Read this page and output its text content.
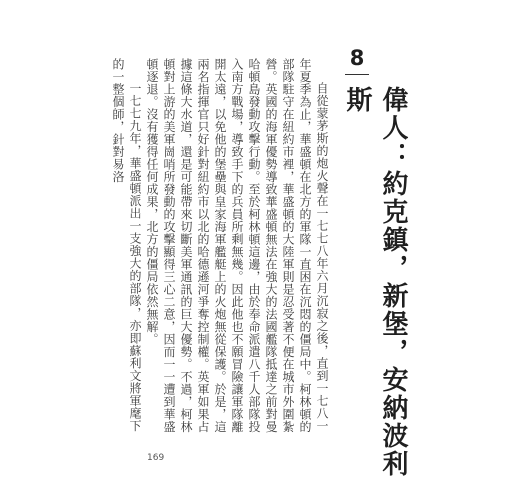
8
偉人：約克鎮，新堡，安納波利斯

自從蒙茅斯的炮火聲在一七七八年六月沉寂之後，直到一七八一年夏季為止，華盛頓在北方的軍隊一直困在沉悶的僵局中。柯林頓的部隊駐守在紐約市裡，華盛頓的大陸軍則是忍受著不便在城市外圍紮營。英國的海軍優勢導致華盛頓無法在強大的法國艦隊抵達之前對曼哈頓島發動攻擊行動。至於柯林頓這邊，由於奉命派遣八千人部隊投入南方戰場，導致手下的兵員所剩無幾。因此他也不願冒險讓軍隊離開太遠，以免他的堡壘與皇家海軍艦艇上的火炮無從保護。於是，這兩名指揮官只好針對紐約市以北的哈德遜河爭奪控制權。英軍如果占據這條大水道，還是可能帶來切斷美軍通訊的巨大優勢。不過，柯林頓對上游的美軍崗哨所發動的攻擊顯得三心二意，因而一一遭到華盛頓逐退。沒有獲得任何成果，北方的僵局依然無解。

一七七九年，華盛頓派出一支強大的部隊，亦即蘇利文將軍麾下的一整個師，針對易洛

169
